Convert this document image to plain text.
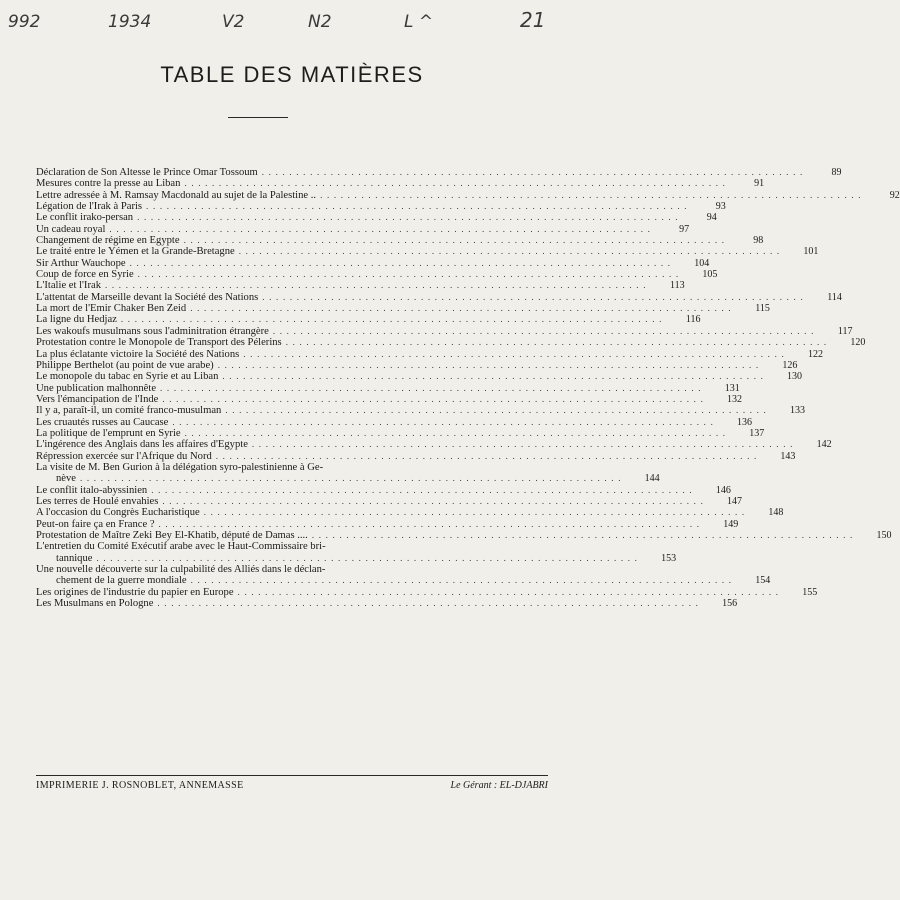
992	1934	V2	N2	L ^	21
TABLE DES MATIÈRES
Déclaration de Son Altesse le Prince Omar Tossoum . . . . . . . . . . . . . . . . . . . . . . . . . . . . . . . . . . . . . . . . . . . . . . . . . . . . . . . . . . . . . . . . . . . . . . . . . . . . . . .	89
Mesures contre la presse au Liban . . . . . . . . . . . . . . . . . . . . . . . . . . . . . . . . . . . . . . . . . . . . . . . . . . . . . . . . . . . . . . . . . . . . . . . . . . . . . . .	91
Lettre adressée à M. Ramsay Macdonald au sujet de la Palestine .. . . . . . . . . . . . . . . . . . . . . . . . . . . . . . . . . . . . . . . . . . . . . . . . . . . . . . . . . . . . . . . . . . . . . . . . . . . . . . . .	92
Légation de l'Irak à Paris . . . . . . . . . . . . . . . . . . . . . . . . . . . . . . . . . . . . . . . . . . . . . . . . . . . . . . . . . . . . . . . . . . . . . . . . . . . . . . .	93
Le conflit irako-persan . . . . . . . . . . . . . . . . . . . . . . . . . . . . . . . . . . . . . . . . . . . . . . . . . . . . . . . . . . . . . . . . . . . . . . . . . . . . . . .	94
Un cadeau royal . . . . . . . . . . . . . . . . . . . . . . . . . . . . . . . . . . . . . . . . . . . . . . . . . . . . . . . . . . . . . . . . . . . . . . . . . . . . . . .	97
Changement de régime en Egypte . . . . . . . . . . . . . . . . . . . . . . . . . . . . . . . . . . . . . . . . . . . . . . . . . . . . . . . . . . . . . . . . . . . . . . . . . . . . . . .	98
Le traité entre le Yémen et la Grande-Bretagne . . . . . . . . . . . . . . . . . . . . . . . . . . . . . . . . . . . . . . . . . . . . . . . . . . . . . . . . . . . . . . . . . . . . . . . . . . . . . . .	101
Sir Arthur Wauchope . . . . . . . . . . . . . . . . . . . . . . . . . . . . . . . . . . . . . . . . . . . . . . . . . . . . . . . . . . . . . . . . . . . . . . . . . . . . . . .	104
Coup de force en Syrie . . . . . . . . . . . . . . . . . . . . . . . . . . . . . . . . . . . . . . . . . . . . . . . . . . . . . . . . . . . . . . . . . . . . . . . . . . . . . . .	105
L'Italie et l'Irak . . . . . . . . . . . . . . . . . . . . . . . . . . . . . . . . . . . . . . . . . . . . . . . . . . . . . . . . . . . . . . . . . . . . . . . . . . . . . . .	113
L'attentat de Marseille devant la Société des Nations . . . . . . . . . . . . . . . . . . . . . . . . . . . . . . . . . . . . . . . . . . . . . . . . . . . . . . . . . . . . . . . . . . . . . . . . . . . . . . .	114
La mort de l'Emir Chaker Ben Zeid . . . . . . . . . . . . . . . . . . . . . . . . . . . . . . . . . . . . . . . . . . . . . . . . . . . . . . . . . . . . . . . . . . . . . . . . . . . . . . .	115
La ligne du Hedjaz . . . . . . . . . . . . . . . . . . . . . . . . . . . . . . . . . . . . . . . . . . . . . . . . . . . . . . . . . . . . . . . . . . . . . . . . . . . . . . .	116
Les wakoufs musulmans sous l'adminitration étrangère . . . . . . . . . . . . . . . . . . . . . . . . . . . . . . . . . . . . . . . . . . . . . . . . . . . . . . . . . . . . . . . . . . . . . . . . . . . . . . .	117
Protestation contre le Monopole de Transport des Pélerins . . . . . . . . . . . . . . . . . . . . . . . . . . . . . . . . . . . . . . . . . . . . . . . . . . . . . . . . . . . . . . . . . . . . . . . . . . . . . . .	120
La plus éclatante victoire la Société des Nations . . . . . . . . . . . . . . . . . . . . . . . . . . . . . . . . . . . . . . . . . . . . . . . . . . . . . . . . . . . . . . . . . . . . . . . . . . . . . . .	122
Philippe Berthelot (au point de vue arabe) . . . . . . . . . . . . . . . . . . . . . . . . . . . . . . . . . . . . . . . . . . . . . . . . . . . . . . . . . . . . . . . . . . . . . . . . . . . . . . .	126
Le monopole du tabac en Syrie et au Liban . . . . . . . . . . . . . . . . . . . . . . . . . . . . . . . . . . . . . . . . . . . . . . . . . . . . . . . . . . . . . . . . . . . . . . . . . . . . . . .	130
Une publication malhonnête . . . . . . . . . . . . . . . . . . . . . . . . . . . . . . . . . . . . . . . . . . . . . . . . . . . . . . . . . . . . . . . . . . . . . . . . . . . . . . .	131
Vers l'émancipation de l'Inde . . . . . . . . . . . . . . . . . . . . . . . . . . . . . . . . . . . . . . . . . . . . . . . . . . . . . . . . . . . . . . . . . . . . . . . . . . . . . . .	132
Il y a, paraît-il, un comité franco-musulman . . . . . . . . . . . . . . . . . . . . . . . . . . . . . . . . . . . . . . . . . . . . . . . . . . . . . . . . . . . . . . . . . . . . . . . . . . . . . . .	133
Les cruautés russes au Caucase . . . . . . . . . . . . . . . . . . . . . . . . . . . . . . . . . . . . . . . . . . . . . . . . . . . . . . . . . . . . . . . . . . . . . . . . . . . . . . .	136
La politique de l'emprunt en Syrie . . . . . . . . . . . . . . . . . . . . . . . . . . . . . . . . . . . . . . . . . . . . . . . . . . . . . . . . . . . . . . . . . . . . . . . . . . . . . . .	137
L'ingérence des Anglais dans les affaires d'Egypte . . . . . . . . . . . . . . . . . . . . . . . . . . . . . . . . . . . . . . . . . . . . . . . . . . . . . . . . . . . . . . . . . . . . . . . . . . . . . . .	142
Répression exercée sur l'Afrique du Nord . . . . . . . . . . . . . . . . . . . . . . . . . . . . . . . . . . . . . . . . . . . . . . . . . . . . . . . . . . . . . . . . . . . . . . . . . . . . . . .	143
La visite de M. Ben Gurion à la délégation syro-palestinienne à Ge-
nève . . . . . . . . . . . . . . . . . . . . . . . . . . . . . . . . . . . . . . . . . . . . . . . . . . . . . . . . . . . . . . . . . . . . . . . . . . . . . . .	144
Le conflit italo-abyssinien . . . . . . . . . . . . . . . . . . . . . . . . . . . . . . . . . . . . . . . . . . . . . . . . . . . . . . . . . . . . . . . . . . . . . . . . . . . . . . .	146
Les terres de Houlé envahies . . . . . . . . . . . . . . . . . . . . . . . . . . . . . . . . . . . . . . . . . . . . . . . . . . . . . . . . . . . . . . . . . . . . . . . . . . . . . . .	147
A l'occasion du Congrès Eucharistique . . . . . . . . . . . . . . . . . . . . . . . . . . . . . . . . . . . . . . . . . . . . . . . . . . . . . . . . . . . . . . . . . . . . . . . . . . . . . . .	148
Peut-on faire ça en France ? . . . . . . . . . . . . . . . . . . . . . . . . . . . . . . . . . . . . . . . . . . . . . . . . . . . . . . . . . . . . . . . . . . . . . . . . . . . . . . .	149
Protestation de Maître Zeki Bey El-Khatib, député de Damas .... . . . . . . . . . . . . . . . . . . . . . . . . . . . . . . . . . . . . . . . . . . . . . . . . . . . . . . . . . . . . . . . . . . . . . . . . . . . . . . .	150
L'entretien du Comité Exécutif arabe avec le Haut-Commissaire bri-
tannique . . . . . . . . . . . . . . . . . . . . . . . . . . . . . . . . . . . . . . . . . . . . . . . . . . . . . . . . . . . . . . . . . . . . . . . . . . . . . . .	153
Une nouvelle découverte sur la culpabilité des Alliés dans le déclan-
chement de la guerre mondiale . . . . . . . . . . . . . . . . . . . . . . . . . . . . . . . . . . . . . . . . . . . . . . . . . . . . . . . . . . . . . . . . . . . . . . . . . . . . . . .	154
Les origines de l'industrie du papier en Europe . . . . . . . . . . . . . . . . . . . . . . . . . . . . . . . . . . . . . . . . . . . . . . . . . . . . . . . . . . . . . . . . . . . . . . . . . . . . . . .	155
Les Musulmans en Pologne . . . . . . . . . . . . . . . . . . . . . . . . . . . . . . . . . . . . . . . . . . . . . . . . . . . . . . . . . . . . . . . . . . . . . . . . . . . . . . .	156
IMPRIMERIE J. ROSNOBLET, ANNEMASSE	Le Gérant : EL-DJABRI
